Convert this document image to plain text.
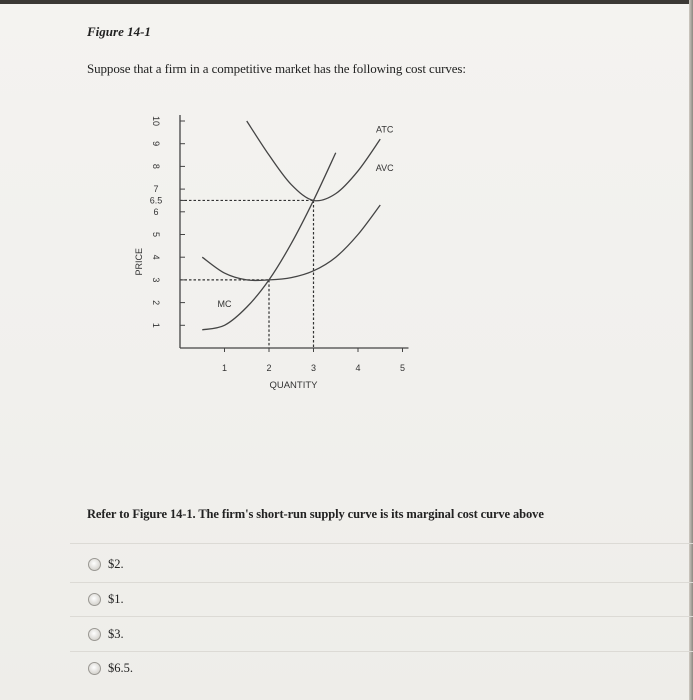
Figure 14-1
Suppose that a firm in a competitive market has the following cost curves:
1
2
3
4
5
6
6.5
7
8
9
10
1	2	3	4	5
PRICE
QUANTITY
MC
ATC
AVC
Refer to Figure 14-1. The firm's short-run supply curve is its marginal cost curve above
$2.
$1.
$3.
$6.5.
